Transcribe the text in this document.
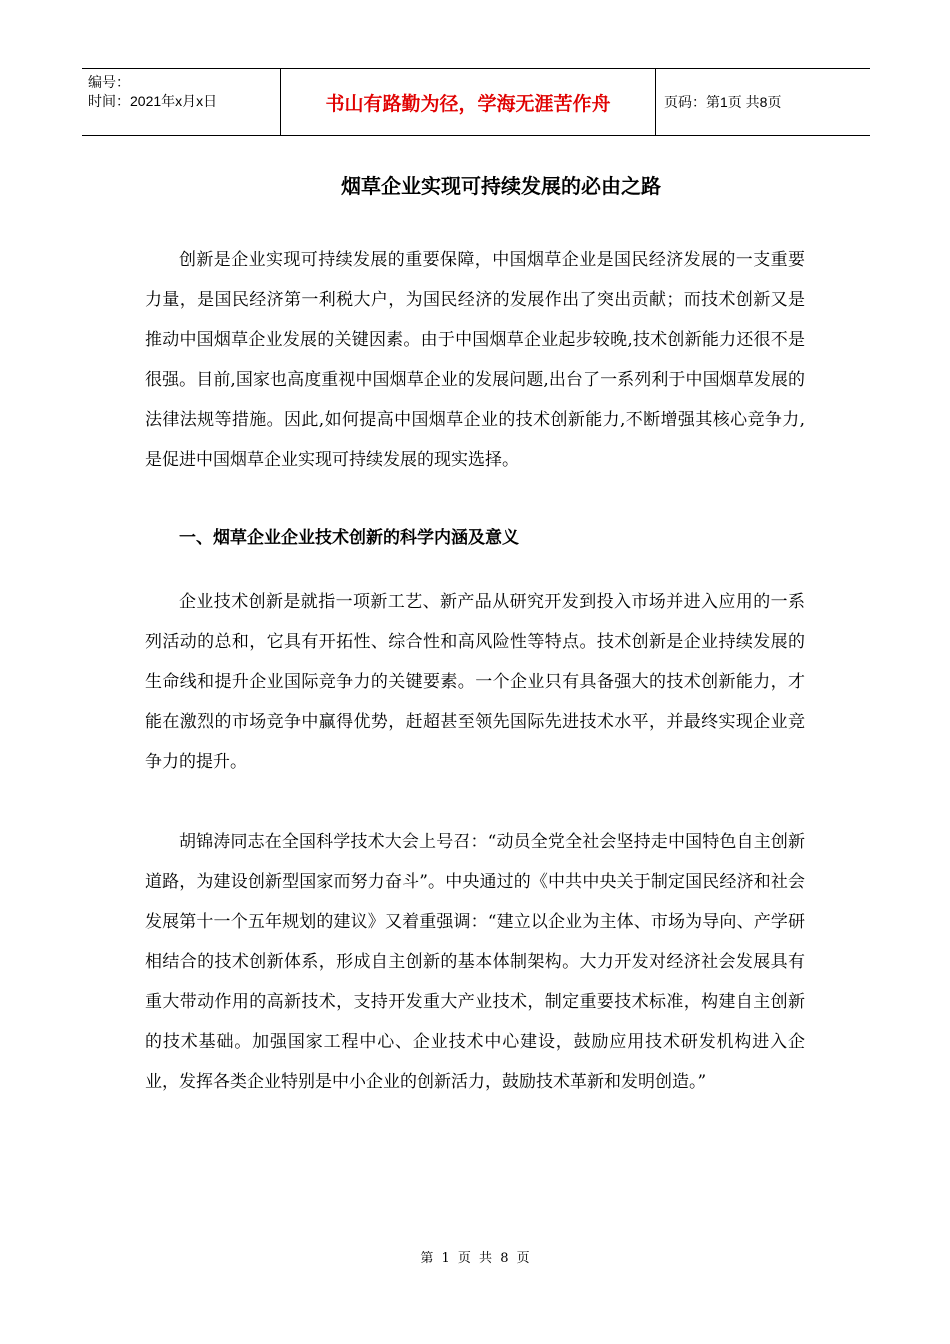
编号：
时间：2021年x月x日	书山有路勤为径，学海无涯苦作舟	页码：第1页 共8页
烟草企业实现可持续发展的必由之路

创新是企业实现可持续发展的重要保障，中国烟草企业是国民经济发展的一支重要力量，是国民经济第一利税大户，为国民经济的发展作出了突出贡献；而技术创新又是推动中国烟草企业发展的关键因素。由于中国烟草企业起步较晚,技术创新能力还很不是很强。目前,国家也高度重视中国烟草企业的发展问题,出台了一系列利于中国烟草发展的法律法规等措施。因此,如何提高中国烟草企业的技术创新能力,不断增强其核心竞争力,是促进中国烟草企业实现可持续发展的现实选择。

一、烟草企业企业技术创新的科学内涵及意义

企业技术创新是就指一项新工艺、新产品从研究开发到投入市场并进入应用的一系列活动的总和，它具有开拓性、综合性和高风险性等特点。技术创新是企业持续发展的生命线和提升企业国际竞争力的关键要素。一个企业只有具备强大的技术创新能力，才能在激烈的市场竞争中赢得优势，赶超甚至领先国际先进技术水平，并最终实现企业竞争力的提升。

胡锦涛同志在全国科学技术大会上号召：“动员全党全社会坚持走中国特色自主创新道路，为建设创新型国家而努力奋斗”。中央通过的《中共中央关于制定国民经济和社会发展第十一个五年规划的建议》又着重强调：“建立以企业为主体、市场为导向、产学研相结合的技术创新体系，形成自主创新的基本体制架构。大力开发对经济社会发展具有重大带动作用的高新技术，支持开发重大产业技术，制定重要技术标准，构建自主创新的技术基础。加强国家工程中心、企业技术中心建设，鼓励应用技术研发机构进入企业，发挥各类企业特别是中小企业的创新活力，鼓励技术革新和发明创造。”

第 1 页 共 8 页
